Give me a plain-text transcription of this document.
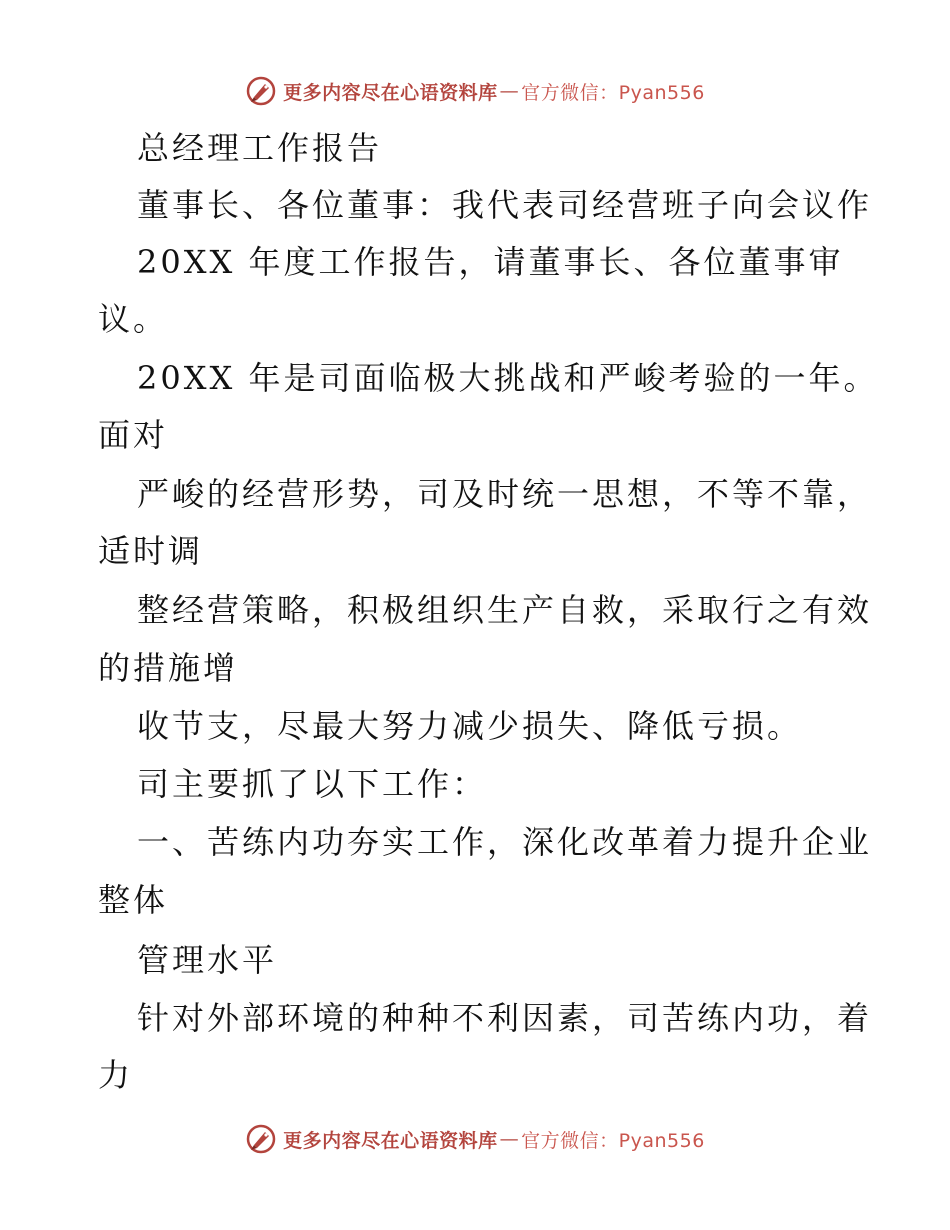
更多内容尽在心语资料库 — 官方微信：Pyan556
总经理工作报告
董事长、各位董事：我代表司经营班子向会议作
20XX 年度工作报告，请董事长、各位董事审
议。
20XX 年是司面临极大挑战和严峻考验的一年。
面对
严峻的经营形势，司及时统一思想，不等不靠，
适时调
整经营策略，积极组织生产自救，采取行之有效
的措施增
收节支，尽最大努力减少损失、降低亏损。
司主要抓了以下工作：
一、苦练内功夯实工作，深化改革着力提升企业
整体
管理水平
针对外部环境的种种不利因素，司苦练内功，着
力
更多内容尽在心语资料库 — 官方微信：Pyan556
